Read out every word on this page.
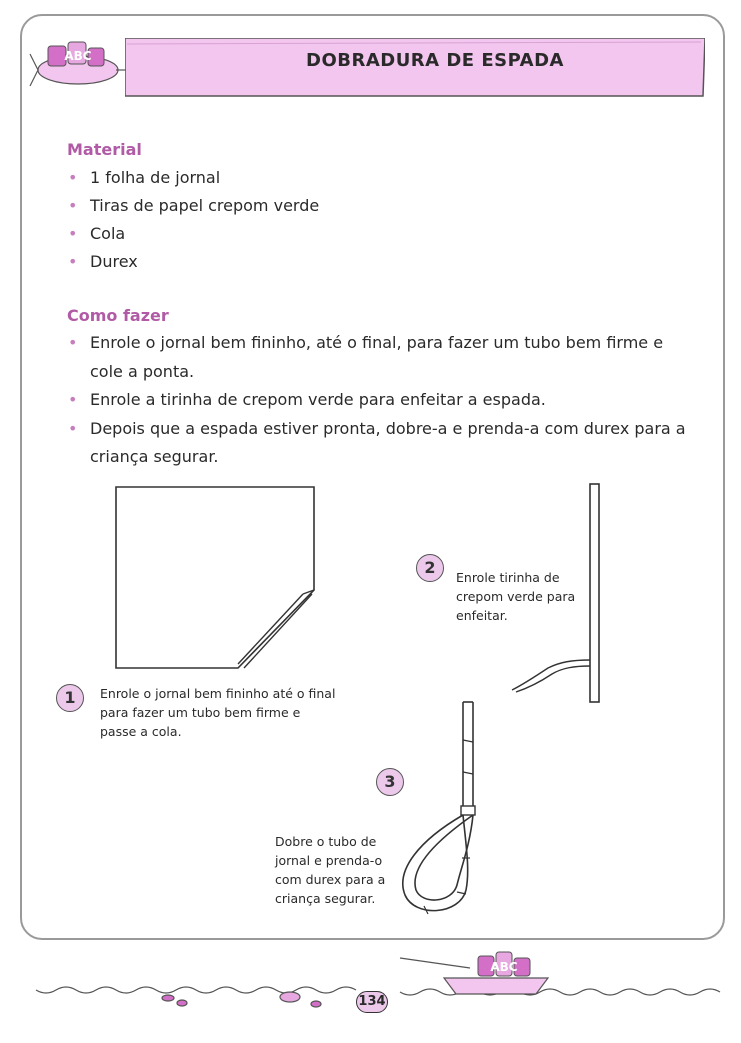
DOBRADURA DE ESPADA
ABC
Material
• 1 folha de jornal
• Tiras de papel crepom verde
• Cola
• Durex
Como fazer
• Enrole o jornal bem fininho, até o final, para fazer um tubo bem firme e cole a ponta.
• Enrole a tirinha de crepom verde para enfeitar a espada.
• Depois que a espada estiver pronta, dobre-a e prenda-a com durex para a criança segurar.
ABC
1	Enrole o jornal bem fininho até o final para fazer um tubo bem firme e passe a cola.
2
Enrole tirinha de crepom verde para enfeitar.
3
Dobre o tubo de jornal e prenda-o com durex para a criança segurar.
134
